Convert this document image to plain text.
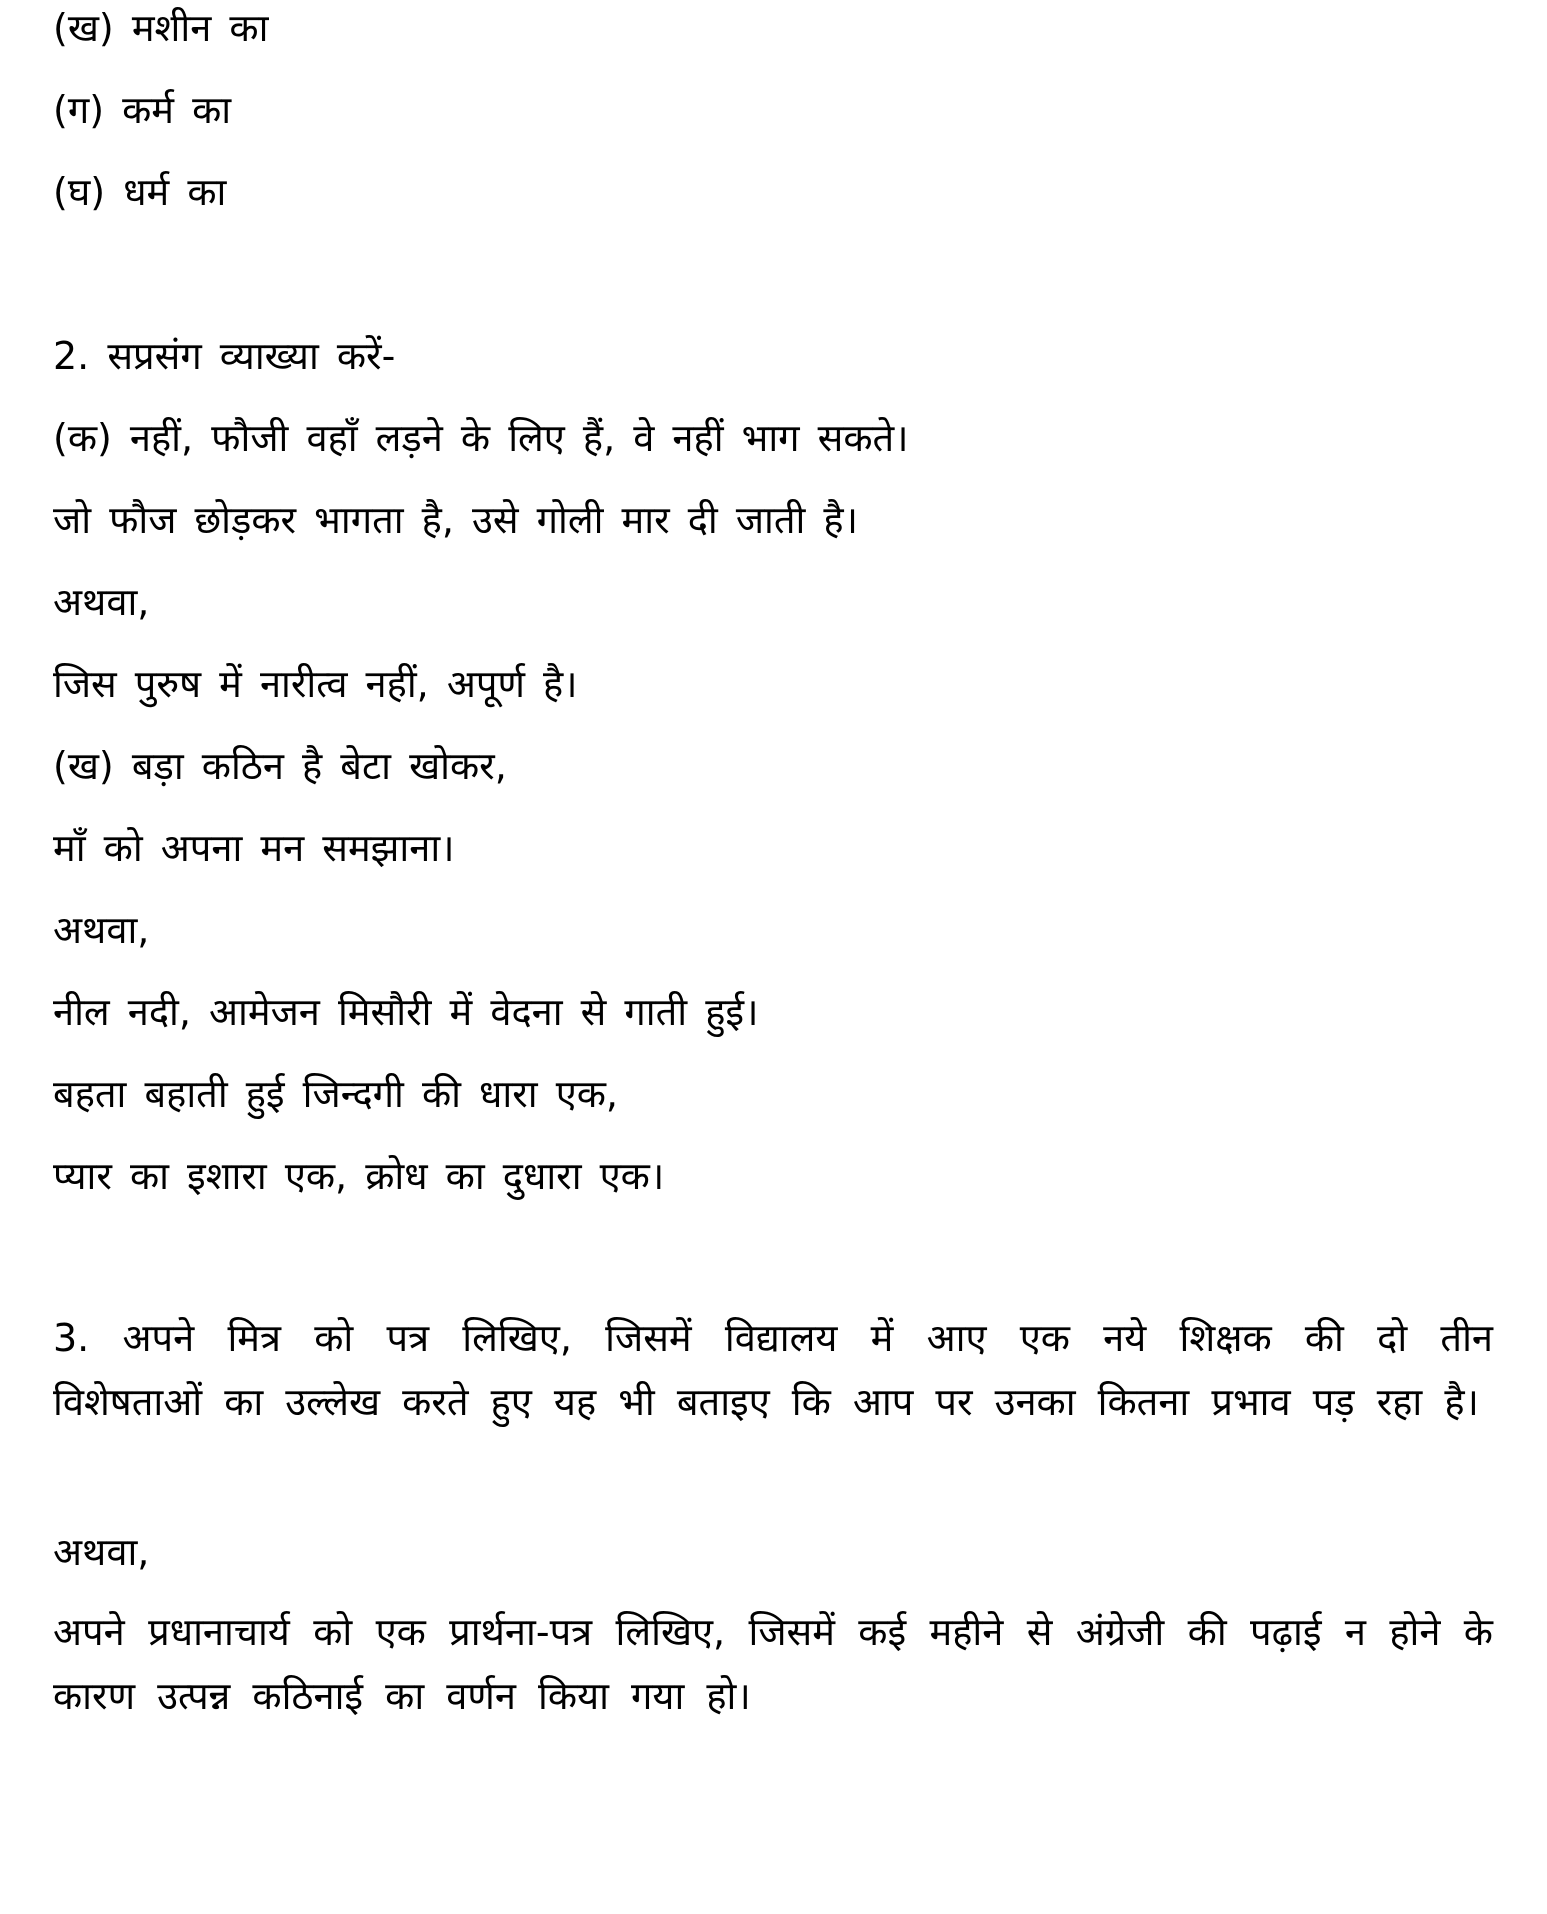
(ख) मशीन का
(ग) कर्म का
(घ) धर्म का
2. सप्रसंग व्याख्या करें-
(क) नहीं, फौजी वहाँ लड़ने के लिए हैं, वे नहीं भाग सकते।
जो फौज छोड़कर भागता है, उसे गोली मार दी जाती है।
अथवा,
जिस पुरुष में नारीत्व नहीं, अपूर्ण है।
(ख) बड़ा कठिन है बेटा खोकर,
माँ को अपना मन समझाना।
अथवा,
नील नदी, आमेजन मिसौरी में वेदना से गाती हुई।
बहता बहाती हुई जिन्दगी की धारा एक,
प्यार का इशारा एक, क्रोध का दुधारा एक।
3. अपने मित्र को पत्र लिखिए, जिसमें विद्यालय में आए एक नये शिक्षक की दो तीन विशेषताओं का उल्लेख करते हुए यह भी बताइए कि आप पर उनका कितना प्रभाव पड़ रहा है।
अथवा,
अपने प्रधानाचार्य को एक प्रार्थना-पत्र लिखिए, जिसमें कई महीने से अंग्रेजी की पढ़ाई न होने के कारण उत्पन्न कठिनाई का वर्णन किया गया हो।
